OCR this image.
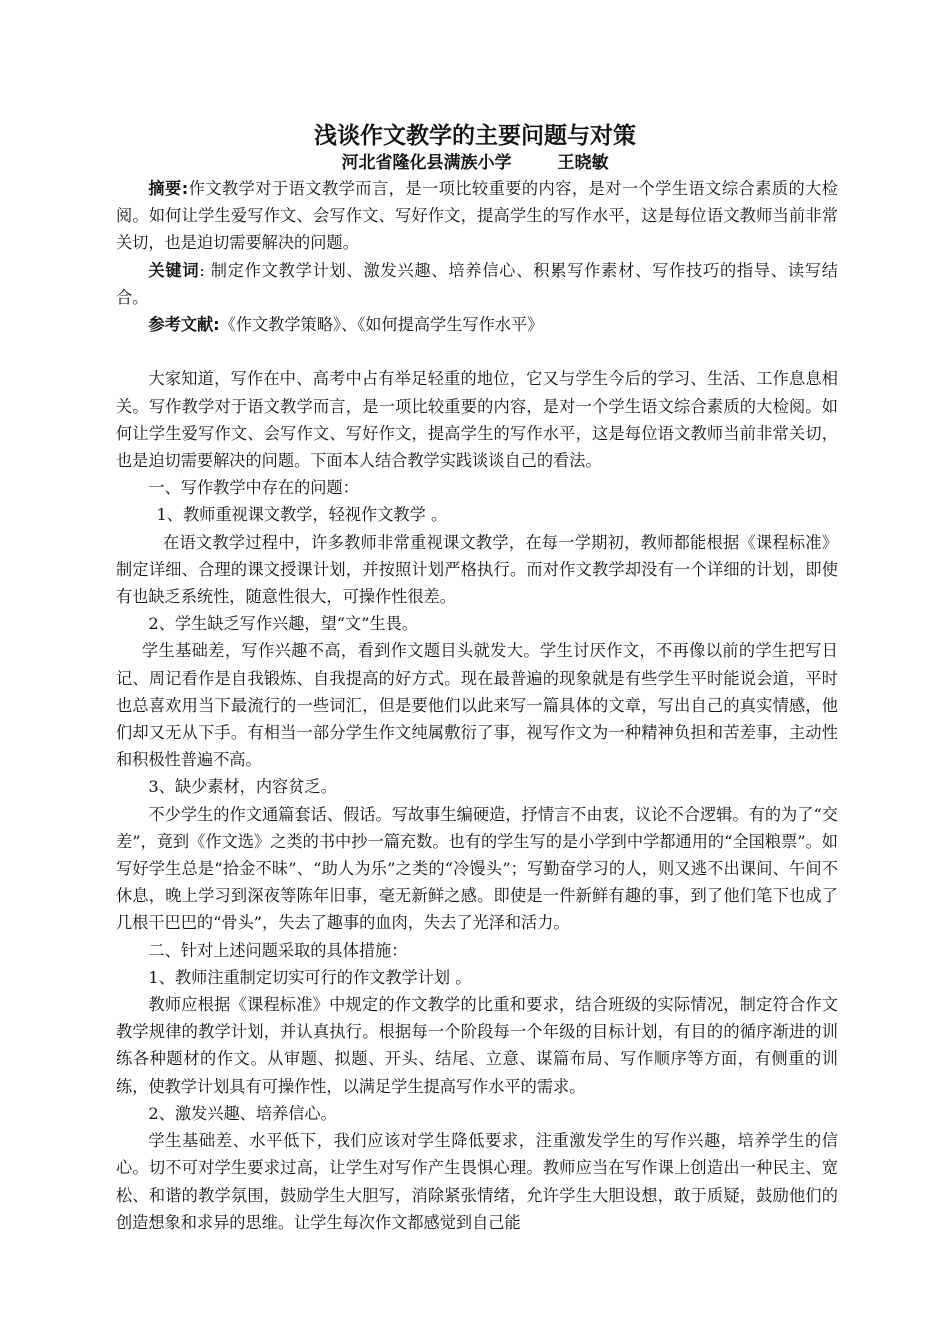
浅谈作文教学的主要问题与对策
河北省隆化县满族小学	王晓敏

摘要:作文教学对于语文教学而言，是一项比较重要的内容，是对一个学生语文综合素质的大检阅。如何让学生爱写作文、会写作文、写好作文，提高学生的写作水平，这是每位语文教师当前非常关切，也是迫切需要解决的问题。

关键词: 制定作文教学计划、激发兴趣、培养信心、积累写作素材、写作技巧的指导、读写结合。

参考文献:《作文教学策略》、《如何提高学生写作水平》

大家知道，写作在中、高考中占有举足轻重的地位，它又与学生今后的学习、生活、工作息息相关。写作教学对于语文教学而言，是一项比较重要的内容，是对一个学生语文综合素质的大检阅。如何让学生爱写作文、会写作文、写好作文，提高学生的写作水平，这是每位语文教师当前非常关切，也是迫切需要解决的问题。下面本人结合教学实践谈谈自己的看法。

一、写作教学中存在的问题：

1、教师重视课文教学，轻视作文教学 。

在语文教学过程中，许多教师非常重视课文教学，在每一学期初，教师都能根据《课程标准》制定详细、合理的课文授课计划，并按照计划严格执行。而对作文教学却没有一个详细的计划，即使有也缺乏系统性，随意性很大，可操作性很差。

2、学生缺乏写作兴趣，望“文”生畏。

学生基础差，写作兴趣不高，看到作文题目头就发大。学生讨厌作文，不再像以前的学生把写日记、周记看作是自我锻炼、自我提高的好方式。现在最普遍的现象就是有些学生平时能说会道，平时也总喜欢用当下最流行的一些词汇，但是要他们以此来写一篇具体的文章，写出自己的真实情感，他们却又无从下手。有相当一部分学生作文纯属敷衍了事，视写作文为一种精神负担和苦差事，主动性和积极性普遍不高。

3、缺少素材，内容贫乏。

不少学生的作文通篇套话、假话。写故事生编硬造，抒情言不由衷，议论不合逻辑。有的为了“交差”，竟到《作文选》之类的书中抄一篇充数。也有的学生写的是小学到中学都通用的“全国粮票”。如写好学生总是“拾金不昧”、“助人为乐”之类的“冷馒头”；写勤奋学习的人，则又逃不出课间、午间不休息，晚上学习到深夜等陈年旧事，毫无新鲜之感。即使是一件新鲜有趣的事，到了他们笔下也成了几根干巴巴的“骨头”，失去了趣事的血肉，失去了光泽和活力。

二、针对上述问题采取的具体措施：

1、教师注重制定切实可行的作文教学计划 。

教师应根据《课程标准》中规定的作文教学的比重和要求，结合班级的实际情况，制定符合作文教学规律的教学计划，并认真执行。根据每一个阶段每一个年级的目标计划，有目的的循序渐进的训练各种题材的作文。从审题、拟题、开头、结尾、立意、谋篇布局、写作顺序等方面，有侧重的训练，使教学计划具有可操作性，以满足学生提高写作水平的需求。

2、激发兴趣、培养信心。

学生基础差、水平低下，我们应该对学生降低要求，注重激发学生的写作兴趣，培养学生的信心。切不可对学生要求过高，让学生对写作产生畏惧心理。教师应当在写作课上创造出一种民主、宽松、和谐的教学氛围，鼓励学生大胆写，消除紧张情绪，允许学生大胆设想，敢于质疑，鼓励他们的创造想象和求异的思维。让学生每次作文都感觉到自己能
